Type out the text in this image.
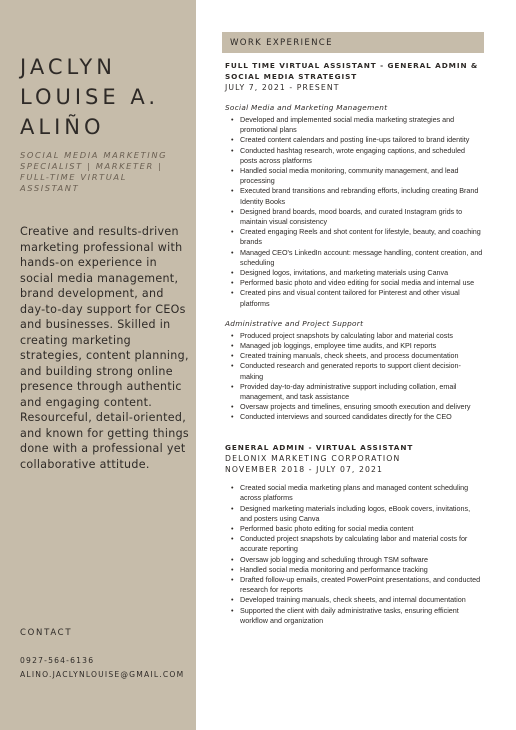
JACLYN
LOUISE A.
ALIÑO
SOCIAL MEDIA MARKETING SPECIALIST | MARKETER | FULL-TIME VIRTUAL ASSISTANT
Creative and results-driven marketing professional with hands-on experience in social media management, brand development, and day-to-day support for CEOs and businesses. Skilled in creating marketing strategies, content planning, and building strong online presence through authentic and engaging content. Resourceful, detail-oriented, and known for getting things done with a professional yet collaborative attitude.
CONTACT
0927-564-6136
ALINO.JACLYNLOUISE@GMAIL.COM
WORK EXPERIENCE
FULL TIME VIRTUAL ASSISTANT - GENERAL ADMIN & SOCIAL MEDIA STRATEGIST
JULY 7, 2021 - PRESENT
Social Media and Marketing Management
• Developed and implemented social media marketing strategies and promotional plans
• Created content calendars and posting line-ups tailored to brand identity
• Conducted hashtag research, wrote engaging captions, and scheduled posts across platforms
• Handled social media monitoring, community management, and lead processing
• Executed brand transitions and rebranding efforts, including creating Brand Identity Books
• Designed brand boards, mood boards, and curated Instagram grids to maintain visual consistency
• Created engaging Reels and shot content for lifestyle, beauty, and coaching brands
• Managed CEO's LinkedIn account: message handling, content creation, and scheduling
• Designed logos, invitations, and marketing materials using Canva
• Performed basic photo and video editing for social media and internal use
• Created pins and visual content tailored for Pinterest and other visual platforms
Administrative and Project Support
• Produced project snapshots by calculating labor and material costs
• Managed job loggings, employee time audits, and KPI reports
• Created training manuals, check sheets, and process documentation
• Conducted research and generated reports to support client decision-making
• Provided day-to-day administrative support including collation, email management, and task assistance
• Oversaw projects and timelines, ensuring smooth execution and delivery
• Conducted interviews and sourced candidates directly for the CEO
GENERAL ADMIN - VIRTUAL ASSISTANT
DELONIX MARKETING CORPORATION
NOVEMBER 2018 - JULY 07, 2021
• Created social media marketing plans and managed content scheduling across platforms
• Designed marketing materials including logos, eBook covers, invitations, and posters using Canva
• Performed basic photo editing for social media content
• Conducted project snapshots by calculating labor and material costs for accurate reporting
• Oversaw job logging and scheduling through TSM software
• Handled social media monitoring and performance tracking
• Drafted follow-up emails, created PowerPoint presentations, and conducted research for reports
• Developed training manuals, check sheets, and internal documentation
• Supported the client with daily administrative tasks, ensuring efficient workflow and organization
